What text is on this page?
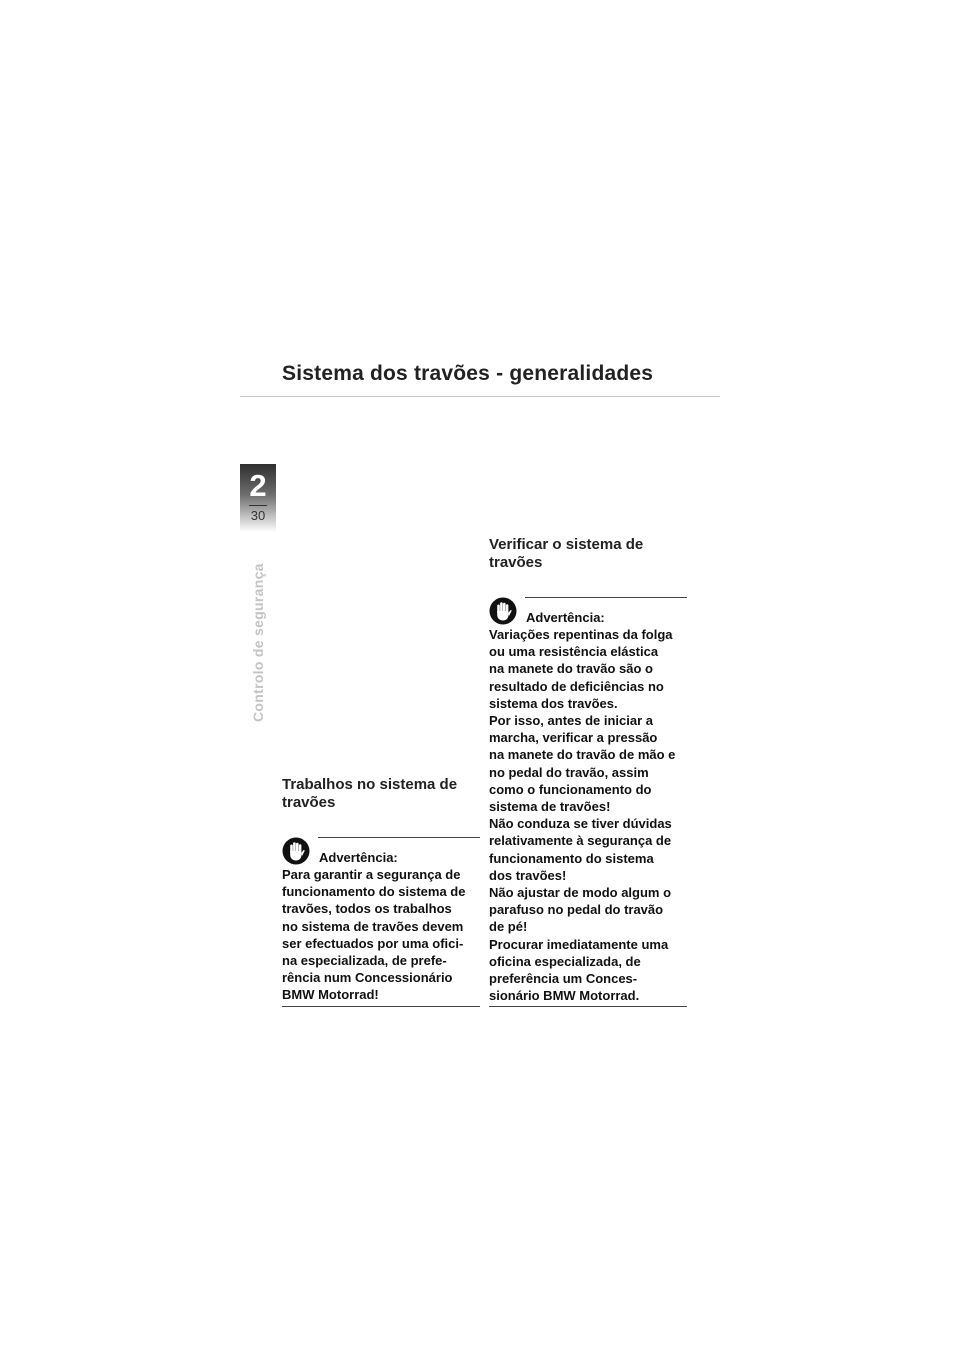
Sistema dos travões - generalidades
2
30
Controlo de segurança
Trabalhos no sistema de travões
Advertência:

Para garantir a segurança de
funcionamento do sistema de
travões, todos os trabalhos
no sistema de travões devem
ser efectuados por uma ofici-
na especializada, de prefe-
rência num Concessionário
BMW Motorrad!

Verificar o sistema de travões
Advertência:

Variações repentinas da folga
ou uma resistência elástica
na manete do travão são o
resultado de deficiências no
sistema dos travões.
Por isso, antes de iniciar a
marcha, verificar a pressão
na manete do travão de mão e
no pedal do travão, assim
como o funcionamento do
sistema de travões!
Não conduza se tiver dúvidas
relativamente à segurança de
funcionamento do sistema
dos travões!
Não ajustar de modo algum o
parafuso no pedal do travão
de pé!
Procurar imediatamente uma
oficina especializada, de
preferência um Conces-
sionário BMW Motorrad.
